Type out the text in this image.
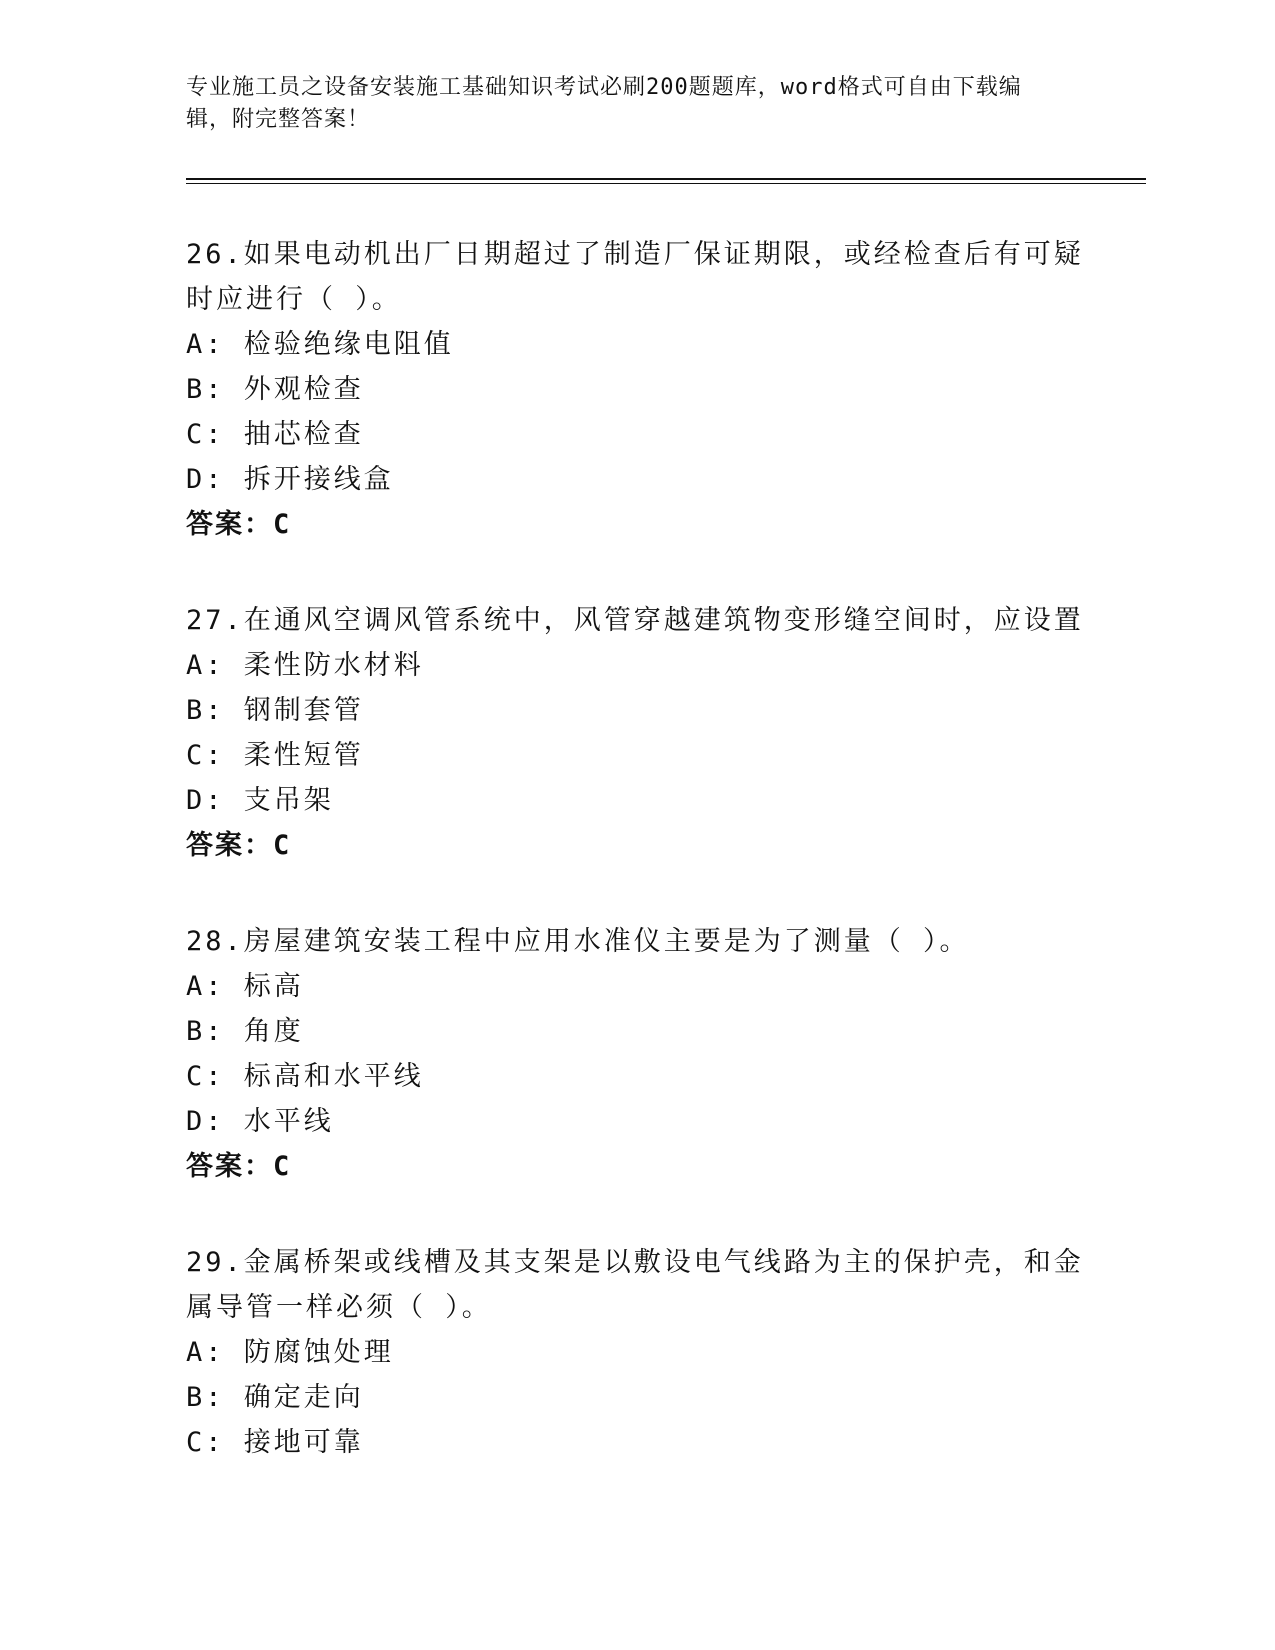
专业施工员之设备安装施工基础知识考试必刷200题题库，word格式可自由下载编辑，附完整答案！

26.如果电动机出厂日期超过了制造厂保证期限，或经检查后有可疑时应进行（ ）。

A: 检验绝缘电阻值

B: 外观检查

C: 抽芯检查

D: 拆开接线盒

答案：C

27.在通风空调风管系统中，风管穿越建筑物变形缝空间时，应设置

A: 柔性防水材料

B: 钢制套管

C: 柔性短管

D: 支吊架

答案：C

28.房屋建筑安装工程中应用水准仪主要是为了测量（ ）。

A: 标高

B: 角度

C: 标高和水平线

D: 水平线

答案：C

29.金属桥架或线槽及其支架是以敷设电气线路为主的保护壳，和金属导管一样必须（ ）。

A: 防腐蚀处理

B: 确定走向

C: 接地可靠
